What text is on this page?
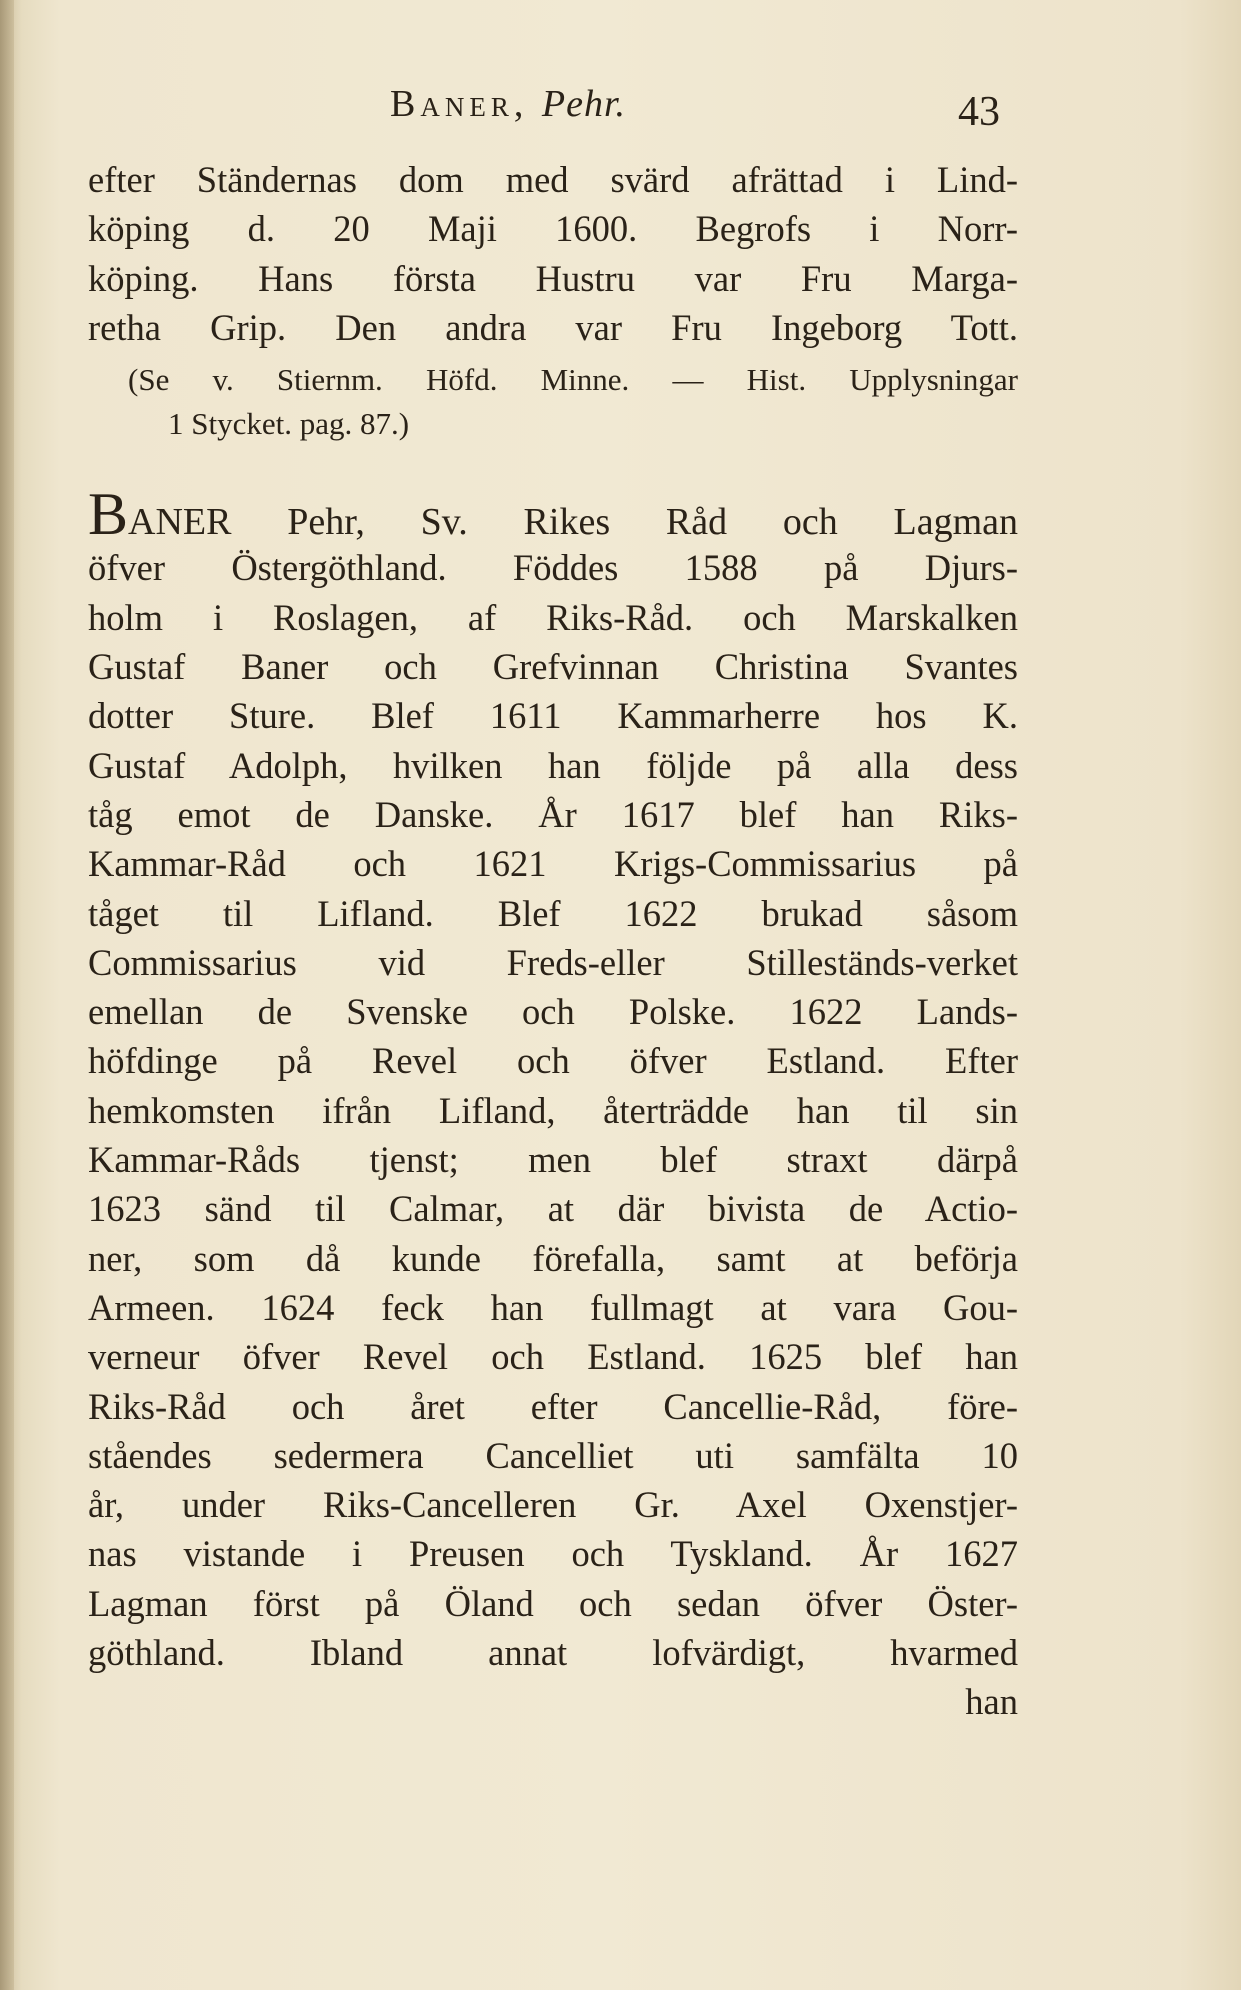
Baner, Pehr.	43
efter Ständernas dom med svärd afrättad i Lind-
köping d. 20 Maji 1600. Begrofs i Norr-
köping. Hans första Hustru var Fru Marga-
retha Grip. Den andra var Fru Ingeborg Tott.
(Se v. Stiernm. Höfd. Minne. — Hist. Upplysningar
1 Stycket. pag. 87.)
BANER Pehr, Sv. Rikes Råd och Lagman
öfver Östergöthland. Föddes 1588 på Djurs-
holm i Roslagen, af Riks-Råd. och Marskalken
Gustaf Baner och Grefvinnan Christina Svantes
dotter Sture. Blef 1611 Kammarherre hos K.
Gustaf Adolph, hvilken han följde på alla dess
tåg emot de Danske. År 1617 blef han Riks-
Kammar-Råd och 1621 Krigs-Commissarius på
tåget til Lifland. Blef 1622 brukad såsom
Commissarius vid Freds-eller Stilleständs-verket
emellan de Svenske och Polske. 1622 Lands-
höfdinge på Revel och öfver Estland. Efter
hemkomsten ifrån Lifland, återträdde han til sin
Kammar-Råds tjenst; men blef straxt därpå
1623 sänd til Calmar, at där bivista de Actio-
ner, som då kunde förefalla, samt at beförja
Armeen. 1624 feck han fullmagt at vara Gou-
verneur öfver Revel och Estland. 1625 blef han
Riks-Råd och året efter Cancellie-Råd, före-
ståendes sedermera Cancelliet uti samfälta 10
år, under Riks-Cancelleren Gr. Axel Oxenstjer-
nas vistande i Preusen och Tyskland. År 1627
Lagman först på Öland och sedan öfver Öster-
göthland. Ibland annat lofvärdigt, hvarmed
han
